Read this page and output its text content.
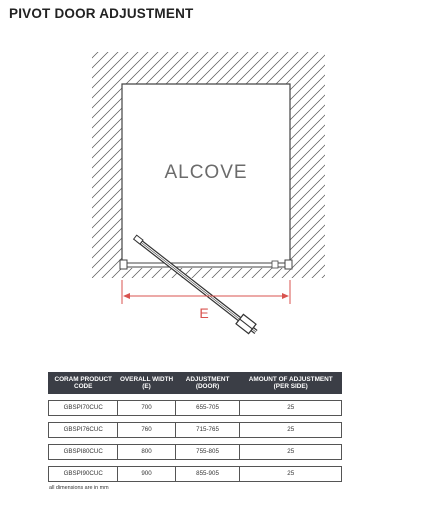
PIVOT DOOR ADJUSTMENT
ALCOVE
E
CORAM PRODUCT CODE	OVERALL WIDTH (E)	ADJUSTMENT (DOOR)	AMOUNT OF ADJUSTMENT (PER SIDE)

GBSPI70CUC	700	655-705	25

GBSPI76CUC	760	715-765	25

GBSPI80CUC	800	755-805	25

GBSPI90CUC	900	855-905	25
all dimensions are in mm
